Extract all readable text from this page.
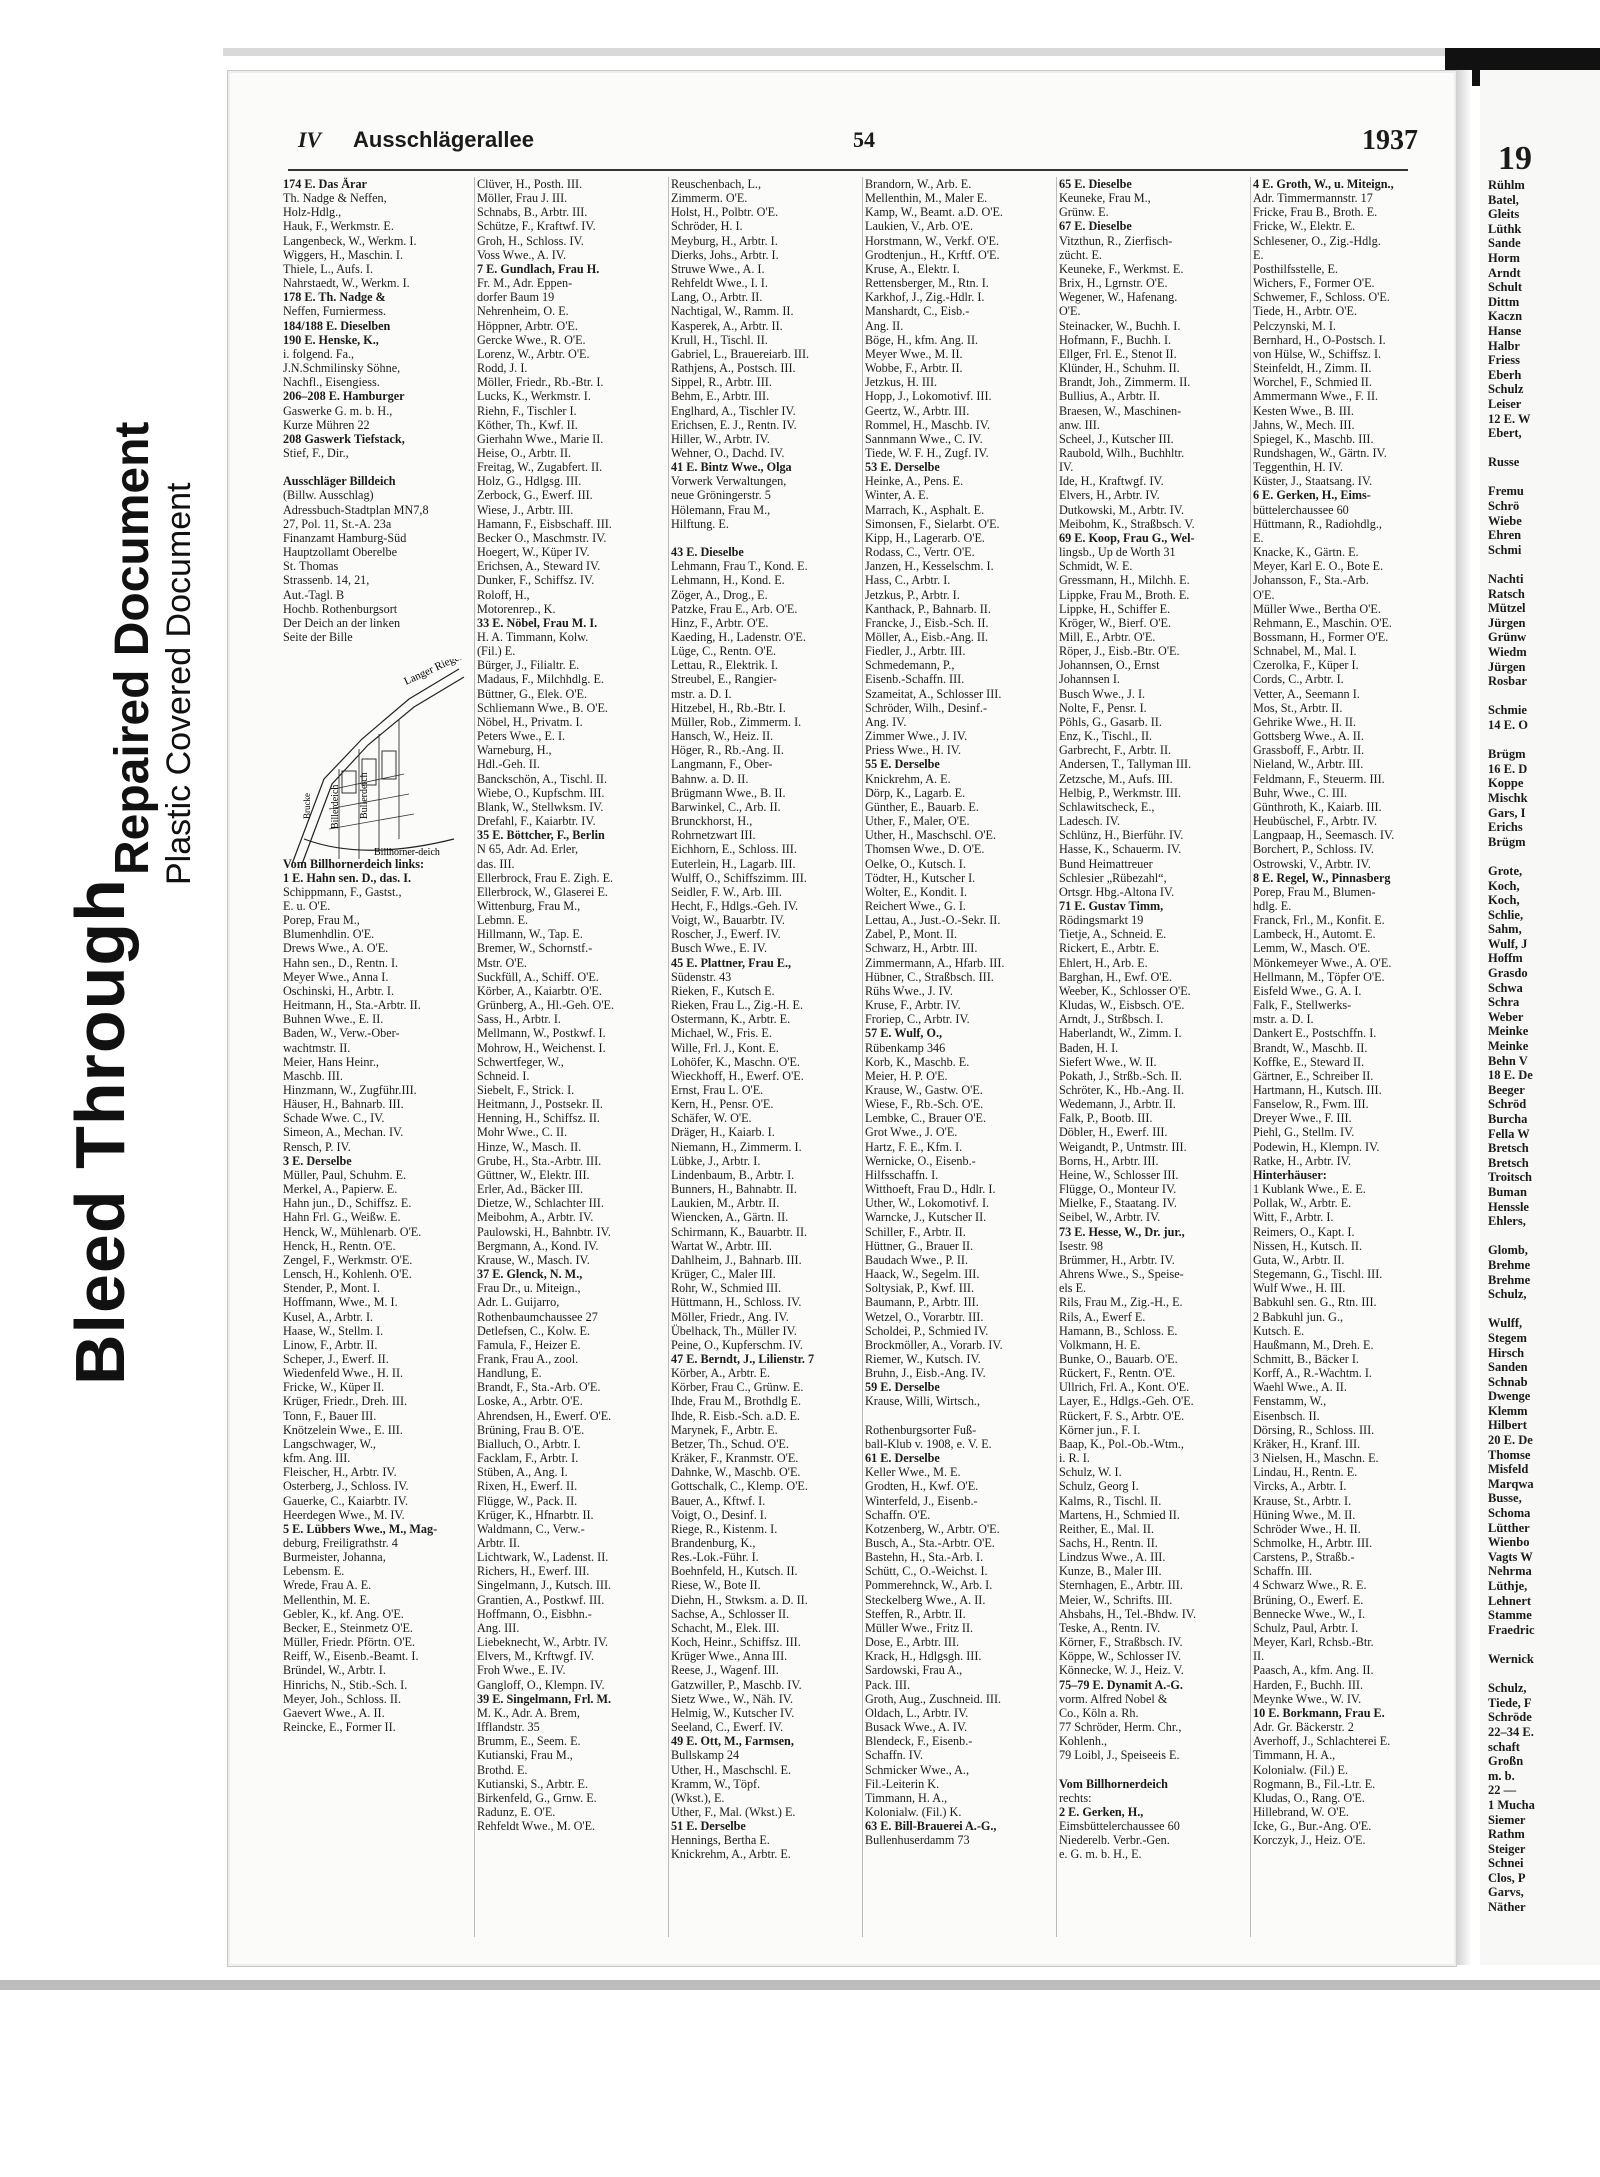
Bleed Through
Repaired Document Plastic Covered Document
IV Ausschlägerallee	54	1937
174 E. Das Ärar
Th. Nadge & Neffen,
Holz-Hdlg.,
Hauk, F., Werkmstr. E.
Langenbeck, W., Werkm. I.
Wiggers, H., Maschin. I.
Thiele, L., Aufs. I.
Nahrstaedt, W., Werkm. I.
178 E. Th. Nadge &
Neffen, Furniermess.
184/188 E. Dieselben
190 E. Henske, K.,
i. folgend. Fa.,
J.N.Schmilinsky Söhne,
Nachfl., Eisengiess.
206–208 E. Hamburger
Gaswerke G. m. b. H.,
Kurze Mühren 22
208 Gaswerk Tiefstack,
Stief, F., Dir.,

Ausschläger Billdeich
(Billw. Ausschlag)
Adressbuch-Stadtplan MN7,8
27, Pol. 11, St.-A. 23a
Finanzamt Hamburg-Süd
Hauptzollamt Oberelbe
St. Thomas
Strassenb. 14, 21,
Aut.-Tagl. B
Hochb. Rothenburgsort
Der Deich an der linken
Seite der Bille

Vom Billhornerdeich links:
1 E. Hahn sen. D., das. I.
Schippmann, F., Gastst.,
E. u. O'E.
Porep, Frau M.,
Blumenhdlin. O'E.
Drews Wwe., A. O'E.
Hahn sen., D., Rentn. I.
Meyer Wwe., Anna I.
Oschinski, H., Arbtr. I.
Heitmann, H., Sta.-Arbtr. II.
Buhnen Wwe., E. II.
Baden, W., Verw.-Ober-
wachtmstr. II.
Meier, Hans Heinr.,
Maschb. III.
Hinzmann, W., Zugführ.III.
Häuser, H., Bahnarb. III.
Schade Wwe. C., IV.
Simeon, A., Mechan. IV.
Rensch, P. IV.
3 E. Derselbe
Müller, Paul, Schuhm. E.
Merkel, A., Papierw. E.
Hahn jun., D., Schiffsz. E.
Hahn Frl. G., Weißw. E.
Henck, W., Mühlenarb. O'E.
Henck, H., Rentn. O'E.
Zengel, F., Werkmstr. O'E.
Lensch, H., Kohlenh. O'E.
Stender, P., Mont. I.
Hoffmann, Wwe., M. I.
Kusel, A., Arbtr. I.
Haase, W., Stellm. I.
Linow, F., Arbtr. II.
Scheper, J., Ewerf. II.
Wiedenfeld Wwe., H. II.
Fricke, W., Küper II.
Krüger, Friedr., Dreh. III.
Tonn, F., Bauer III.
Knötzelein Wwe., E. III.
Langschwager, W.,
kfm. Ang. III.
Fleischer, H., Arbtr. IV.
Osterberg, J., Schloss. IV.
Gauerke, C., Kaiarbtr. IV.
Heerdegen Wwe., M. IV.
5 E. Lübbers Wwe., M., Mag-
deburg, Freiligrathstr. 4
Burmeister, Johanna,
Lebensm. E.
Wrede, Frau A. E.
Mellenthin, M. E.
Gebler, K., kf. Ang. O'E.
Becker, E., Steinmetz O'E.
Müller, Friedr. Pförtn. O'E.
Reiff, W., Eisenb.-Beamt. I.
Bründel, W., Arbtr. I.
Hinrichs, N., Stib.-Sch. I.
Meyer, Joh., Schloss. II.
Gaevert Wwe., A. II.
Reincke, E., Former II.
Clüver, H., Posth. III.
Möller, Frau J. III.
Schnabs, B., Arbtr. III.
Schütze, F., Kraftwf. IV.
Groh, H., Schloss. IV.
Voss Wwe., A. IV.
7 E. Gundlach, Frau H.
Fr. M., Adr. Eppen-
dorfer Baum 19
Nehrenheim, O. E.
Höppner, Arbtr. O'E.
Gercke Wwe., R. O'E.
Lorenz, W., Arbtr. O'E.
Rodd, J. I.
Möller, Friedr., Rb.-Btr. I.
Lucks, K., Werkmstr. I.
Riehn, F., Tischler I.
Köther, Th., Kwf. II.
Gierhahn Wwe., Marie II.
Heise, O., Arbtr. II.
Freitag, W., Zugabfert. II.
Holz, G., Hdlgsg. III.
Zerbock, G., Ewerf. III.
Wiese, J., Arbtr. III.
Hamann, F., Eisbschaff. III.
Becker O., Maschmstr. IV.
Hoegert, W., Küper IV.
Erichsen, A., Steward IV.
Dunker, F., Schiffsz. IV.
Roloff, H.,
Motorenrep., K.
33 E. Nöbel, Frau M. I.
H. A. Timmann, Kolw.
(Fil.) E.
Bürger, J., Filialtr. E.
Madaus, F., Milchhdlg. E.
Büttner, G., Elek. O'E.
Schliemann Wwe., B. O'E.
Nöbel, H., Privatm. I.
Peters Wwe., E. I.
Warneburg, H.,
Hdl.-Geh. II.
Banckschön, A., Tischl. II.
Wiebe, O., Kupfschm. III.
Blank, W., Stellwksm. IV.
Drefahl, F., Kaiarbtr. IV.
35 E. Böttcher, F., Berlin
N 65, Adr. Ad. Erler,
das. III.
Ellerbrock, Frau E. Zigh. E.
Ellerbrock, W., Glaserei E.
Wittenburg, Frau M.,
Lebmn. E.
Hillmann, W., Tap. E.
Bremer, W., Schornstf.-
Mstr. O'E.
Suckfüll, A., Schiff. O'E.
Körber, A., Kaiarbtr. O'E.
Grünberg, A., Hl.-Geh. O'E.
Sass, H., Arbtr. I.
Mellmann, W., Postkwf. I.
Mohrow, H., Weichenst. I.
Schwertfeger, W.,
Schneid. I.
Siebelt, F., Strick. I.
Heitmann, J., Postsekr. II.
Henning, H., Schiffsz. II.
Mohr Wwe., C. II.
Hinze, W., Masch. II.
Grube, H., Sta.-Arbtr. III.
Güttner, W., Elektr. III.
Erler, Ad., Bäcker III.
Dietze, W., Schlachter III.
Meibohm, A., Arbtr. IV.
Paulowski, H., Bahnbtr. IV.
Bergmann, A., Kond. IV.
Krause, W., Masch. IV.
37 E. Glenck, N. M.,
Frau Dr., u. Miteign.,
Adr. L. Guijarro,
Rothenbaumchaussee 27
Detlefsen, C., Kolw. E.
Famula, F., Heizer E.
Frank, Frau A., zool.
Handlung, E.
Brandt, F., Sta.-Arb. O'E.
Loske, A., Arbtr. O'E.
Ahrendsen, H., Ewerf. O'E.
Brüning, Frau B. O'E.
Bialluch, O., Arbtr. I.
Facklam, F., Arbtr. I.
Stüben, A., Ang. I.
Rixen, H., Ewerf. II.
Flügge, W., Pack. II.
Krüger, K., Hfnarbtr. II.
Waldmann, C., Verw.-
Arbtr. II.
Lichtwark, W., Ladenst. II.
Richers, H., Ewerf. III.
Singelmann, J., Kutsch. III.
Grantien, A., Postkwf. III.
Hoffmann, O., Eisbhn.-
Ang. III.
Liebeknecht, W., Arbtr. IV.
Elvers, M., Krftwgf. IV.
Froh Wwe., E. IV.
Gangloff, O., Klempn. IV.
39 E. Singelmann, Frl. M.
M. K., Adr. A. Brem,
Ifflandstr. 35
Brumm, E., Seem. E.
Kutianski, Frau M.,
Brothd. E.
Kutianski, S., Arbtr. E.
Birkenfeld, G., Grnw. E.
Radunz, E. O'E.
Rehfeldt Wwe., M. O'E.
Reuschenbach, L.,
Zimmerm. O'E.
Holst, H., Polbtr. O'E.
Schröder, H. I.
Meyburg, H., Arbtr. I.
Dierks, Johs., Arbtr. I.
Struwe Wwe., A. I.
Rehfeldt Wwe., I. I.
Lang, O., Arbtr. II.
Nachtigal, W., Ramm. II.
Kasperek, A., Arbtr. II.
Krull, H., Tischl. II.
Gabriel, L., Brauereiarb. III.
Rathjens, A., Postsch. III.
Sippel, R., Arbtr. III.
Behm, E., Arbtr. III.
Englhard, A., Tischler IV.
Erichsen, E. J., Rentn. IV.
Hiller, W., Arbtr. IV.
Wehner, O., Dachd. IV.
41 E. Bintz Wwe., Olga
Vorwerk Verwaltungen,
neue Gröningerstr. 5
Hölemann, Frau M.,
Hilftung. E.

43 E. Dieselbe
Lehmann, Frau T., Kond. E.
Lehmann, H., Kond. E.
Zöger, A., Drog., E.
Patzke, Frau E., Arb. O'E.
Hinz, F., Arbtr. O'E.
Kaeding, H., Ladenstr. O'E.
Lüge, C., Rentn. O'E.
Lettau, R., Elektrik. I.
Streubel, E., Rangier-
mstr. a. D. I.
Hitzebel, H., Rb.-Btr. I.
Müller, Rob., Zimmerm. I.
Hansch, W., Heiz. II.
Höger, R., Rb.-Ang. II.
Langmann, F., Ober-
Bahnw. a. D. II.
Brügmann Wwe., B. II.
Barwinkel, C., Arb. II.
Brunckhorst, H.,
Rohrnetzwart III.
Eichhorn, E., Schloss. III.
Euterlein, H., Lagarb. III.
Wulff, O., Schiffszimm. III.
Seidler, F. W., Arb. III.
Hecht, F., Hdlgs.-Geh. IV.
Voigt, W., Bauarbtr. IV.
Roscher, J., Ewerf. IV.
Busch Wwe., E. IV.
45 E. Plattner, Frau E.,
Südenstr. 43
Rieken, F., Kutsch E.
Rieken, Frau L., Zig.-H. E.
Ostermann, K., Arbtr. E.
Michael, W., Fris. E.
Wille, Frl. J., Kont. E.
Lohöfer, K., Maschn. O'E.
Wieckhoff, H., Ewerf. O'E.
Ernst, Frau L. O'E.
Kern, H., Pensr. O'E.
Schäfer, W. O'E.
Dräger, H., Kaiarb. I.
Niemann, H., Zimmerm. I.
Lübke, J., Arbtr. I.
Lindenbaum, B., Arbtr. I.
Bunners, H., Bahnabtr. II.
Laukien, M., Arbtr. II.
Wiencken, A., Gärtn. II.
Schirmann, K., Bauarbtr. II.
Wartat W., Arbtr. III.
Dahlheim, J., Bahnarb. III.
Krüger, C., Maler III.
Rohr, W., Schmied III.
Hüttmann, H., Schloss. IV.
Möller, Friedr., Ang. IV.
Übelhack, Th., Müller IV.
Peine, O., Kupferschm. IV.
47 E. Berndt, J., Lilienstr. 7
Körber, A., Arbtr. E.
Körber, Frau C., Grünw. E.
Ihde, Frau M., Brothdlg E.
Ihde, R. Eisb.-Sch. a.D. E.
Marynek, F., Arbtr. E.
Betzer, Th., Schud. O'E.
Kräker, F., Kranmstr. O'E.
Dahnke, W., Maschb. O'E.
Gottschalk, C., Klemp. O'E.
Bauer, A., Kftwf. I.
Voigt, O., Desinf. I.
Riege, R., Kistenm. I.
Brandenburg, K.,
Res.-Lok.-Führ. I.
Boehnfeld, H., Kutsch. II.
Riese, W., Bote II.
Diehn, H., Stwksm. a. D. II.
Sachse, A., Schlosser II.
Schacht, M., Elek. III.
Koch, Heinr., Schiffsz. III.
Krüger Wwe., Anna III.
Reese, J., Wagenf. III.
Gatzwiller, P., Maschb. IV.
Sietz Wwe., W., Näh. IV.
Helmig, W., Kutscher IV.
Seeland, C., Ewerf. IV.
49 E. Ott, M., Farmsen,
Bullskamp 24
Uther, H., Maschschl. E.
Kramm, W., Töpf.
(Wkst.), E.
Uther, F., Mal. (Wkst.) E.
51 E. Derselbe
Hennings, Bertha E.
Knickrehm, A., Arbtr. E.
Brandorn, W., Arb. E.
Mellenthin, M., Maler E.
Kamp, W., Beamt. a.D. O'E.
Laukien, V., Arb. O'E.
Horstmann, W., Verkf. O'E.
Grodtenjun., H., Krftf. O'E.
Kruse, A., Elektr. I.
Rettensberger, M., Rtn. I.
Karkhof, J., Zig.-Hdlr. I.
Manshardt, C., Eisb.-
Ang. II.
Böge, H., kfm. Ang. II.
Meyer Wwe., M. II.
Wobbe, F., Arbtr. II.
Jetzkus, H. III.
Hopp, J., Lokomotivf. III.
Geertz, W., Arbtr. III.
Rommel, H., Maschb. IV.
Sannmann Wwe., C. IV.
Tiede, W. F. H., Zugf. IV.
53 E. Derselbe
Heinke, A., Pens. E.
Winter, A. E.
Marrach, K., Asphalt. E.
Simonsen, F., Sielarbt. O'E.
Kipp, H., Lagerarb. O'E.
Rodass, C., Vertr. O'E.
Janzen, H., Kesselschm. I.
Hass, C., Arbtr. I.
Jetzkus, P., Arbtr. I.
Kanthack, P., Bahnarb. II.
Francke, J., Eisb.-Sch. II.
Möller, A., Eisb.-Ang. II.
Fiedler, J., Arbtr. III.
Schmedemann, P.,
Eisenb.-Schaffn. III.
Szameitat, A., Schlosser III.
Schröder, Wilh., Desinf.-
Ang. IV.
Zimmer Wwe., J. IV.
Priess Wwe., H. IV.
55 E. Derselbe
Knickrehm, A. E.
Dörp, K., Lagarb. E.
Günther, E., Bauarb. E.
Uther, F., Maler, O'E.
Uther, H., Maschschl. O'E.
Thomsen Wwe., D. O'E.
Oelke, O., Kutsch. I.
Tödter, H., Kutscher I.
Wolter, E., Kondit. I.
Reichert Wwe., G. I.
Lettau, A., Just.-O.-Sekr. II.
Zabel, P., Mont. II.
Schwarz, H., Arbtr. III.
Zimmermann, A., Hfarb. III.
Hübner, C., Straßbsch. III.
Rühs Wwe., J. IV.
Kruse, F., Arbtr. IV.
Froriep, C., Arbtr. IV.
57 E. Wulf, O.,
Rübenkamp 346
Korb, K., Maschb. E.
Meier, H. P. O'E.
Krause, W., Gastw. O'E.
Wiese, F., Rb.-Sch. O'E.
Lembke, C., Brauer O'E.
Grot Wwe., J. O'E.
Hartz, F. E., Kfm. I.
Wernicke, O., Eisenb.-
Hilfsschaffn. I.
Witthoeft, Frau D., Hdlr. I.
Uther, W., Lokomotivf. I.
Warncke, J., Kutscher II.
Schiller, F., Arbtr. II.
Hüttner, G., Brauer II.
Baudach Wwe., P. II.
Haack, W., Segelm. III.
Soltysiak, P., Kwf. III.
Baumann, P., Arbtr. III.
Wetzel, O., Vorarbtr. III.
Scholdei, P., Schmied IV.
Brockmöller, A., Vorarb. IV.
Riemer, W., Kutsch. IV.
Bruhn, J., Eisb.-Ang. IV.
59 E. Derselbe
Krause, Willi, Wirtsch.,

Rothenburgsorter Fuß-
ball-Klub v. 1908, e. V. E.
61 E. Derselbe
Keller Wwe., M. E.
Grodten, H., Kwf. O'E.
Winterfeld, J., Eisenb.-
Schaffn. O'E.
Kotzenberg, W., Arbtr. O'E.
Busch, A., Sta.-Arbtr. O'E.
Bastehn, H., Sta.-Arb. I.
Schütt, C., O.-Weichst. I.
Pommerehnck, W., Arb. I.
Steckelberg Wwe., A. II.
Steffen, R., Arbtr. II.
Müller Wwe., Fritz II.
Dose, E., Arbtr. III.
Krack, H., Hdlgsgh. III.
Sardowski, Frau A.,
Pack. III.
Groth, Aug., Zuschneid. III.
Oldach, L., Arbtr. IV.
Busack Wwe., A. IV.
Blendeck, F., Eisenb.-
Schaffn. IV.
Schmicker Wwe., A.,
Fil.-Leiterin K.
Timmann, H. A.,
Kolonialw. (Fil.) K.
63 E. Bill-Brauerei A.-G.,
Bullenhuserdamm 73
65 E. Dieselbe
Keuneke, Frau M.,
Grünw. E.
67 E. Dieselbe
Vitzthun, R., Zierfisch-
zücht. E.
Keuneke, F., Werkmst. E.
Brix, H., Lgrnstr. O'E.
Wegener, W., Hafenang.
O'E.
Steinacker, W., Buchh. I.
Hofmann, F., Buchh. I.
Ellger, Frl. E., Stenot II.
Klünder, H., Schuhm. II.
Brandt, Joh., Zimmerm. II.
Bullius, A., Arbtr. II.
Braesen, W., Maschinen-
anw. III.
Scheel, J., Kutscher III.
Raubold, Wilh., Buchhltr.
IV.
Ide, H., Kraftwgf. IV.
Elvers, H., Arbtr. IV.
Dutkowski, M., Arbtr. IV.
Meibohm, K., Straßbsch. V.
69 E. Koop, Frau G., Wel-
lingsb., Up de Worth 31
Schmidt, W. E.
Gressmann, H., Milchh. E.
Lippke, Frau M., Broth. E.
Lippke, H., Schiffer E.
Kröger, W., Bierf. O'E.
Mill, E., Arbtr. O'E.
Röper, J., Eisb.-Btr. O'E.
Johannsen, O., Ernst
Johannsen I.
Busch Wwe., J. I.
Nolte, F., Pensr. I.
Pöhls, G., Gasarb. II.
Enz, K., Tischl., II.
Garbrecht, F., Arbtr. II.
Andersen, T., Tallyman III.
Zetzsche, M., Aufs. III.
Helbig, P., Werkmstr. III.
Schlawitscheck, E.,
Ladesch. IV.
Schlünz, H., Bierführ. IV.
Hasse, K., Schauerm. IV.
Bund Heimattreuer
Schlesier „Rübezahl“,
Ortsgr. Hbg.-Altona IV.
71 E. Gustav Timm,
Rödingsmarkt 19
Tietje, A., Schneid. E.
Rickert, E., Arbtr. E.
Ehlert, H., Arb. E.
Barghan, H., Ewf. O'E.
Weeber, K., Schlosser O'E.
Kludas, W., Eisbsch. O'E.
Arndt, J., Strßbsch. I.
Haberlandt, W., Zimm. I.
Baden, H. I.
Siefert Wwe., W. II.
Pokath, J., Strßb.-Sch. II.
Schröter, K., Hb.-Ang. II.
Wedemann, J., Arbtr. II.
Falk, P., Bootb. III.
Döbler, H., Ewerf. III.
Weigandt, P., Untmstr. III.
Borns, H., Arbtr. III.
Heine, W., Schlosser III.
Flügge, O., Monteur IV.
Mielke, F., Staatang. IV.
Seibel, W., Arbtr. IV.
73 E. Hesse, W., Dr. jur.,
Isestr. 98
Brümmer, H., Arbtr. IV.
Ahrens Wwe., S., Speise-
els E.
Rils, Frau M., Zig.-H., E.
Rils, A., Ewerf E.
Hamann, B., Schloss. E.
Volkmann, H. E.
Bunke, O., Bauarb. O'E.
Rückert, F., Rentn. O'E.
Ullrich, Frl. A., Kont. O'E.
Layer, E., Hdlgs.-Geh. O'E.
Rückert, F. S., Arbtr. O'E.
Körner jun., F. I.
Baap, K., Pol.-Ob.-Wtm.,
i. R. I.
Schulz, W. I.
Schulz, Georg I.
Kalms, R., Tischl. II.
Martens, H., Schmied II.
Reither, E., Mal. II.
Sachs, H., Rentn. II.
Lindzus Wwe., A. III.
Kunze, B., Maler III.
Sternhagen, E., Arbtr. III.
Meier, W., Schrifts. III.
Ahsbahs, H., Tel.-Bhdw. IV.
Teske, A., Rentn. IV.
Körner, F., Straßbsch. IV.
Köppe, W., Schlosser IV.
Könnecke, W. J., Heiz. V.
75–79 E. Dynamit A.-G.
vorm. Alfred Nobel &
Co., Köln a. Rh.
77 Schröder, Herm. Chr.,
Kohlenh.,
79 Loibl, J., Speiseeis E.

Vom Billhornerdeich
rechts:
2 E. Gerken, H.,
Eimsbüttelerchaussee 60
Niederelb. Verbr.-Gen.
e. G. m. b. H., E.
4 E. Groth, W., u. Miteign.,
Adr. Timmermannstr. 17
Fricke, Frau B., Broth. E.
Fricke, W., Elektr. E.
Schlesener, O., Zig.-Hdlg.
E.
Posthilfsstelle, E.
Wichers, F., Former O'E.
Schwemer, F., Schloss. O'E.
Tiede, H., Arbtr. O'E.
Pelczynski, M. I.
Bernhard, H., O-Postsch. I.
von Hülse, W., Schiffsz. I.
Steinfeldt, H., Zimm. II.
Worchel, F., Schmied II.
Ammermann Wwe., F. II.
Kesten Wwe., B. III.
Jahns, W., Mech. III.
Spiegel, K., Maschb. III.
Rundshagen, W., Gärtn. IV.
Teggenthin, H. IV.
Küster, J., Staatsang. IV.
6 E. Gerken, H., Eims-
büttelerchaussee 60
Hüttmann, R., Radiohdlg.,
E.
Knacke, K., Gärtn. E.
Meyer, Karl E. O., Bote E.
Johansson, F., Sta.-Arb.
O'E.
Müller Wwe., Bertha O'E.
Rehmann, E., Maschin. O'E.
Bossmann, H., Former O'E.
Schnabel, M., Mal. I.
Czerolka, F., Küper I.
Cords, C., Arbtr. I.
Vetter, A., Seemann I.
Mos, St., Arbtr. II.
Gehrike Wwe., H. II.
Gottsberg Wwe., A. II.
Grassboff, F., Arbtr. II.
Nieland, W., Arbtr. III.
Feldmann, F., Steuerm. III.
Buhr, Wwe., C. III.
Günthroth, K., Kaiarb. III.
Heubüschel, F., Arbtr. IV.
Langpaap, H., Seemasch. IV.
Borchert, P., Schloss. IV.
Ostrowski, V., Arbtr. IV.
8 E. Regel, W., Pinnasberg
Porep, Frau M., Blumen-
hdlg. E.
Franck, Frl., M., Konfit. E.
Lambeck, H., Automt. E.
Lemm, W., Masch. O'E.
Mönkemeyer Wwe., A. O'E.
Hellmann, M., Töpfer O'E.
Eisfeld Wwe., G. A. I.
Falk, F., Stellwerks-
mstr. a. D. I.
Dankert E., Postschffn. I.
Brandt, W., Maschb. II.
Koffke, E., Steward II.
Gärtner, E., Schreiber II.
Hartmann, H., Kutsch. III.
Fanselow, R., Fwm. III.
Dreyer Wwe., F. III.
Piehl, G., Stellm. IV.
Podewin, H., Klempn. IV.
Ratke, H., Arbtr. IV.
Hinterhäuser:
1 Kublank Wwe., E. E.
Pollak, W., Arbtr. E.
Witt, F., Arbtr. I.
Reimers, O., Kapt. I.
Nissen, H., Kutsch. II.
Guta, W., Arbtr. II.
Stegemann, G., Tischl. III.
Wulf Wwe., H. III.
Babkuhl sen. G., Rtn. III.
2 Babkuhl jun. G.,
Kutsch. E.
Haußmann, M., Dreh. E.
Schmitt, B., Bäcker I.
Korff, A., R.-Wachtm. I.
Waehl Wwe., A. II.
Fenstamm, W.,
Eisenbsch. II.
Dörsing, R., Schloss. III.
Kräker, H., Kranf. III.
3 Nielsen, H., Maschn. E.
Lindau, H., Rentn. E.
Vircks, A., Arbtr. I.
Krause, St., Arbtr. I.
Hüning Wwe., M. II.
Schröder Wwe., H. II.
Schmolke, H., Arbtr. III.
Carstens, P., Straßb.-
Schaffn. III.
4 Schwarz Wwe., R. E.
Brüning, O., Ewerf. E.
Bennecke Wwe., W., I.
Schulz, Paul, Arbtr. I.
Meyer, Karl, Rchsb.-Btr.
II.
Paasch, A., kfm. Ang. II.
Harden, F., Buchh. III.
Meynke Wwe., W. IV.
10 E. Borkmann, Frau E.
Adr. Gr. Bäckerstr. 2
Averhoff, J., Schlachterei E.
Timmann, H. A.,
Kolonialw. (Fil.) E.
Rogmann, B., Fil.-Ltr. E.
Kludas, O., Rang. O'E.
Hillebrand, W. O'E.
Icke, G., Bur.-Ang. O'E.
Korczyk, J., Heiz. O'E.
Langer Riegen
Bullerdeich
Billerdeich
Brucke
Billhorner-deich
19
Rühlm
Batel,
Gleits
Lüthk
Sande
Horm
Arndt
Schult
Dittm
Kaczn
Hanse
Halbr
Friess
Eberh
Schulz
Leiser
12 E. W
Ebert,

Russe

Fremu
Schrö
Wiebe
Ehren
Schmi

Nachti
Ratsch
Mützel
Jürgen
Grünw
Wiedm
Jürgen
Rosbar

Schmie
14 E. O

Brügm
16 E. D
Koppe
Mischk
Gars, I
Erichs
Brügm

Grote,
Koch,
Koch,
Schlie,
Sahm,
Wulf, J
Hoffm
Grasdo
Schwa
Schra
Weber
Meinke
Meinke
Behn V
18 E. De
Beeger
Schröd
Burcha
Fella W
Bretsch
Bretsch
Troitsch
Buman
Henssle
Ehlers,

Glomb,
Brehme
Brehme
Schulz,

Wulff,
Stegem
Hirsch
Sanden
Schnab
Dwenge
Klemm
Hilbert
20 E. De
Thomse
Misfeld
Marqwa
Busse,
Schoma
Lütther
Wienbo
Vagts W
Nehrma
Lüthje,
Lehnert
Stamme
Fraedric

Wernick

Schulz,
Tiede, F
Schröde
22–34 E.
schaft
Großn
m. b.
22 —
1 Mucha
Siemer
Rathm
Steiger
Schnei
Clos, P
Garvs,
Näther
